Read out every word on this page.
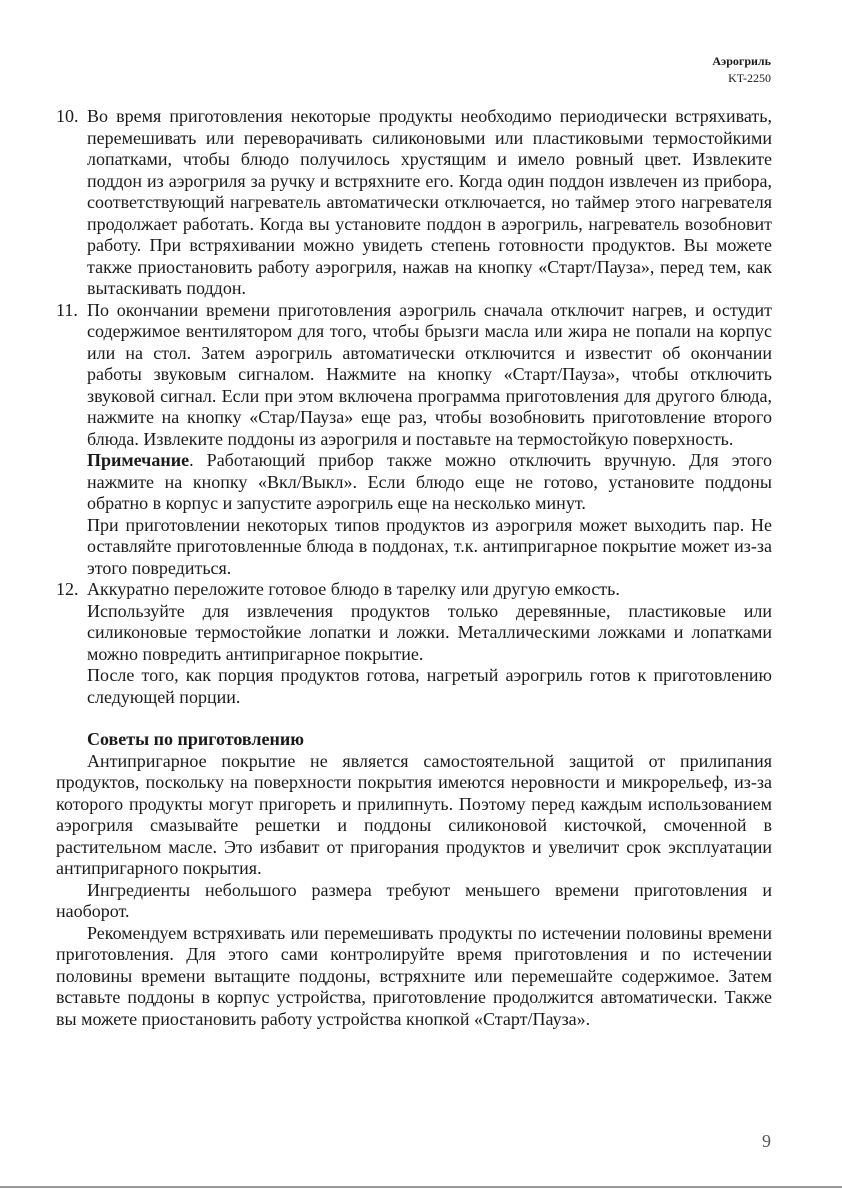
Аэрогриль
KT-2250

10. Во время приготовления некоторые продукты необходимо периодически встряхивать, перемешивать или переворачивать силиконовыми или пластиковыми термостойкими лопатками, чтобы блюдо получилось хрустящим и имело ровный цвет. Извлеките поддон из аэрогриля за ручку и встряхните его. Когда один поддон извлечен из прибора, соответствующий нагреватель автоматически отключается, но таймер этого нагревателя продолжает работать. Когда вы установите поддон в аэрогриль, нагреватель возобновит работу. При встряхивании можно увидеть степень готовности продуктов. Вы можете также приостановить работу аэрогриля, нажав на кнопку «Старт/Пауза», перед тем, как вытаскивать поддон.

11. По окончании времени приготовления аэрогриль сначала отключит нагрев, и остудит содержимое вентилятором для того, чтобы брызги масла или жира не попали на корпус или на стол. Затем аэрогриль автоматически отключится и известит об окончании работы звуковым сигналом. Нажмите на кнопку «Старт/Пауза», чтобы отключить звуковой сигнал. Если при этом включена программа приготовления для другого блюда, нажмите на кнопку «Стар/Пауза» еще раз, чтобы возобновить приготовление второго блюда. Извлеките поддоны из аэрогриля и поставьте на термостойкую поверхность.

Примечание. Работающий прибор также можно отключить вручную. Для этого нажмите на кнопку «Вкл/Выкл». Если блюдо еще не готово, установите поддоны обратно в корпус и запустите аэрогриль еще на несколько минут.

При приготовлении некоторых типов продуктов из аэрогриля может выходить пар. Не оставляйте приготовленные блюда в поддонах, т.к. антипригарное покрытие может из-за этого повредиться.

12. Аккуратно переложите готовое блюдо в тарелку или другую емкость.

Используйте для извлечения продуктов только деревянные, пластиковые или силиконовые термостойкие лопатки и ложки. Металлическими ложками и лопатками можно повредить антипригарное покрытие.

После того, как порция продуктов готова, нагретый аэрогриль готов к приготовлению следующей порции.

Советы по приготовлению

Антипригарное покрытие не является самостоятельной защитой от прилипания продуктов, поскольку на поверхности покрытия имеются неровности и микрорельеф, из-за которого продукты могут пригореть и прилипнуть. Поэтому перед каждым использованием аэрогриля смазывайте решетки и поддоны силиконовой кисточкой, смоченной в растительном масле. Это избавит от пригорания продуктов и увеличит срок эксплуатации антипригарного покрытия.

Ингредиенты небольшого размера требуют меньшего времени приготовления и наоборот.

Рекомендуем встряхивать или перемешивать продукты по истечении половины времени приготовления. Для этого сами контролируйте время приготовления и по истечении половины времени вытащите поддоны, встряхните или перемешайте содержимое. Затем вставьте поддоны в корпус устройства, приготовление продолжится автоматически. Также вы можете приостановить работу устройства кнопкой «Старт/Пауза».

9
